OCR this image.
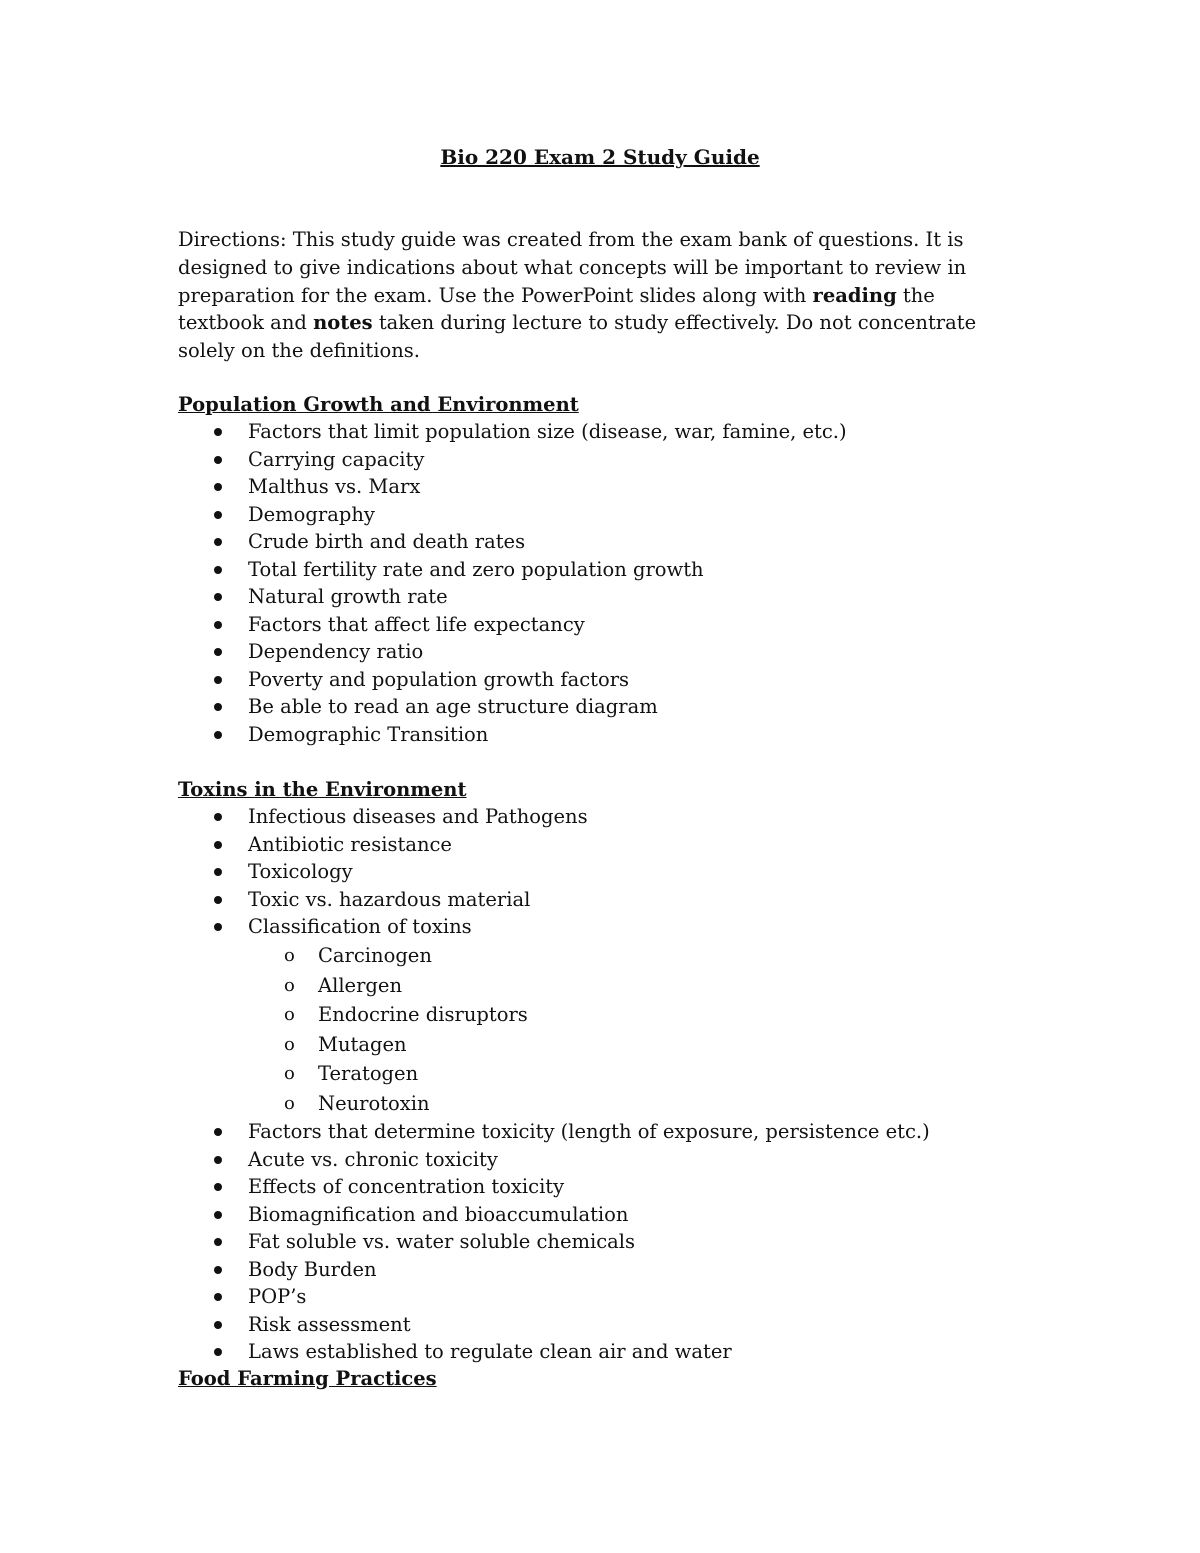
Bio 220 Exam 2 Study Guide

Directions: This study guide was created from the exam bank of questions. It is designed to give indications about what concepts will be important to review in preparation for the exam. Use the PowerPoint slides along with reading the textbook and notes taken during lecture to study effectively. Do not concentrate solely on the definitions.

Population Growth and Environment
Factors that limit population size (disease, war, famine, etc.)
Carrying capacity
Malthus vs. Marx
Demography
Crude birth and death rates
Total fertility rate and zero population growth
Natural growth rate
Factors that affect life expectancy
Dependency ratio
Poverty and population growth factors
Be able to read an age structure diagram
Demographic Transition
Toxins in the Environment
Infectious diseases and Pathogens
Antibiotic resistance
Toxicology
Toxic vs. hazardous material
Classification of toxins
o Carcinogen
o Allergen
o Endocrine disruptors
o Mutagen
o Teratogen
o Neurotoxin
Factors that determine toxicity (length of exposure, persistence etc.)
Acute vs. chronic toxicity
Effects of concentration toxicity
Biomagnification and bioaccumulation
Fat soluble vs. water soluble chemicals
Body Burden
POP’s
Risk assessment
Laws established to regulate clean air and water
Food Farming Practices
